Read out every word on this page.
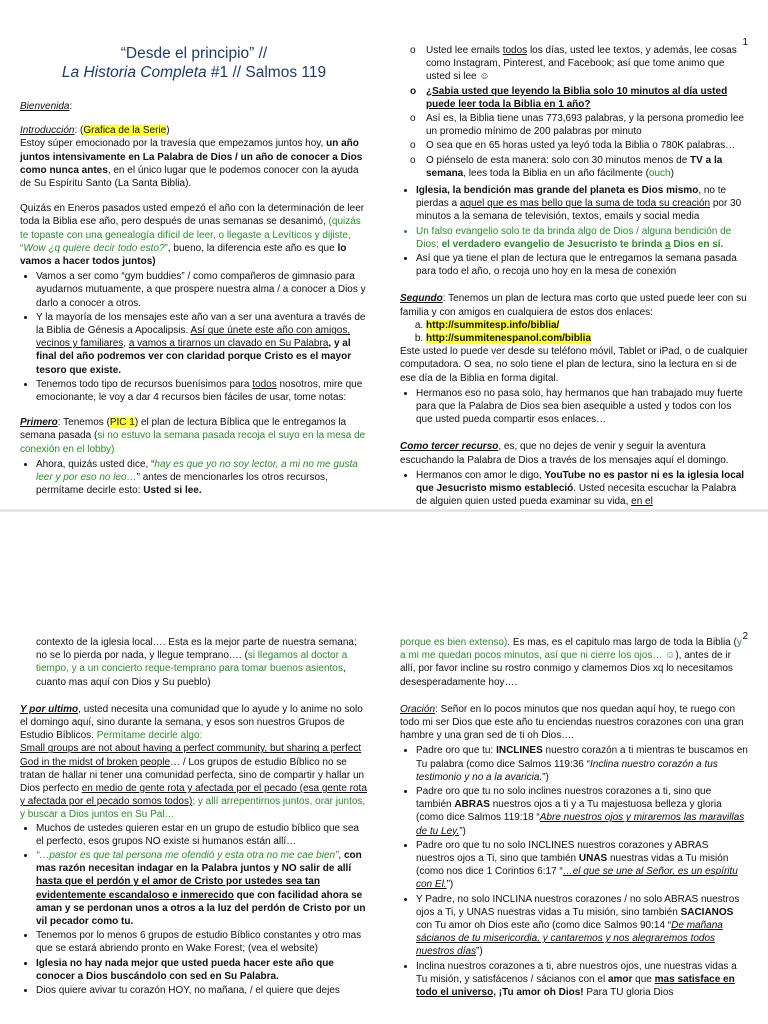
1
“Desde el principio” //
La Historia Completa #1 // Salmos 119

Bienvenida:

Introducción: (Grafica de la Serie)
Estoy súper emocionado por la travesía que empezamos juntos hoy, un año juntos intensivamente en La Palabra de Dios / un año de conocer a Dios como nunca antes, en el único lugar que le podemos conocer con la ayuda de Su Espíritu Santo (La Santa Biblia).

Quizás en Eneros pasados usted empezó el año con la determinación de leer toda la Biblia ese año, pero después de unas semanas se desanimó, (quizás te topaste con una genealogía difícil de leer, o llegaste a Levíticos y dijiste, “Wow ¿q quiere decir todo esto?”, bueno, la diferencia este año es que lo vamos a hacer todos juntos)

• Vamos a ser como “gym buddies” / como compañeros de gimnasio para ayudarnos mutuamente, a que prospere nuestra alma / a conocer a Dios y darlo a conocer a otros.
• Y la mayoría de los mensajes este año van a ser una aventura a través de la Biblia de Génesis a Apocalipsis. Así que únete este año con amigos, vecinos y familiares, a vamos a tirarnos un clavado en Su Palabra, y al final del año podremos ver con claridad porque Cristo es el mayor tesoro que existe.
• Tenemos todo tipo de recursos buenísimos para todos nosotros, mire que emocionante, le voy a dar 4 recursos bien fáciles de usar, tome notas:

Primero: Tenemos (PIC 1) el plan de lectura Bíblica que le entregamos la semana pasada (si no estuvo la semana pasada recoja el suyo en la mesa de conexión en el lobby)

• Ahora, quizás usted dice, “hay es que yo no soy lector, a mi no me gusta leer y por eso no leo…” antes de mencionarles los otros recursos, permítame decirle esto: Usted si lee.
o Usted lee emails todos los días, usted lee textos, y además, lee cosas como Instagram, Pinterest, and Facebook; así que tome animo que usted si lee ☺
o ¿Sabia usted que leyendo la Biblia solo 10 minutos al día usted puede leer toda la Biblia en 1 año?
o Así es, la Biblia tiene unas 773,693 palabras, y la persona promedio lee un promedio mínimo de 200 palabras por minuto
o O sea que en 65 horas usted ya leyó toda la Biblia o 780K palabras…
o O piénselo de esta manera: solo con 30 minutos menos de TV a la semana, lees toda la Biblia en un año fácilmente (ouch)
• Iglesia, la bendición mas grande del planeta es Dios mismo, no te pierdas a aquel que es mas bello que la suma de toda su creación por 30 minutos a la semana de televisión, textos, emails y social media
• Un falso evangelio solo te da brinda algo de Dios / alguna bendición de Dios; el verdadero evangelio de Jesucristo te brinda a Dios en sí.
• Así que ya tiene el plan de lectura que le entregamos la semana pasada para todo el año, o recoja uno hoy en la mesa de conexión

Segundo: Tenemos un plan de lectura mas corto que usted puede leer con su familia y con amigos en cualquiera de estos dos enlaces:

a. http://summitesp.info/biblia/
b. http://summitenespanol.com/biblia

Este usted lo puede ver desde su teléfono móvil, Tablet or iPad, o de cualquier computadora. O sea, no solo tiene el plan de lectura, sino la lectura en si de ese día de la Biblia en forma digital.

• Hermanos eso no pasa solo, hay hermanos que han trabajado muy fuerte para que la Palabra de Dios sea bien asequible a usted y todos con los que usted pueda compartir esos enlaces…

Como tercer recurso, es, que no dejes de venir y seguir la aventura escuchando la Palabra de Dios a través de los mensajes aquí el domingo.

• Hermanos con amor le digo, YouTube no es pastor ni es la iglesia local que Jesucristo mismo estableció. Usted necesita escuchar la Palabra de alguien quien usted pueda examinar su vida, en el
2

contexto de la iglesia local…. Esta es la mejor parte de nuestra semana; no se lo pierda por nada, y llegue temprano…. (si llegamos al doctor a tiempo, y a un concierto reque-temprano para tomar buenos asientos, cuanto mas aquí con Dios y Su pueblo)

Y por ultimo, usted necesita una comunidad que lo ayude y lo anime no solo el domingo aquí, sino durante la semana, y esos son nuestros Grupos de Estudio Bíblicos. Permítame decirle algo:
Small groups are not about having a perfect community, but sharing a perfect God in the midst of broken people… / Los grupos de estudio Bíblico no se tratan de hallar ni tener una comunidad perfecta, sino de compartir y hallar un Dios perfecto en medio de gente rota y afectada por el pecado (esa gente rota y afectada por el pecado somos todos); y allí arrepentirnos juntos, orar juntos, y buscar a Dios juntos en Su Pal…

• Muchos de ustedes quieren estar en un grupo de estudio bíblico que sea el perfecto, esos grupos NO existe si humanos están allí…
• “…pastor es que tal persona me ofendió y esta otra no me cae bien”, con mas razón necesitan indagar en la Palabra juntos y NO salir de allí hasta que el perdón y el amor de Cristo por ustedes sea tan evidentemente escandaloso e inmerecido que con facilidad ahora se aman y se perdonan unos a otros a la luz del perdón de Cristo por un vil pecador como tu.
• Tenemos por lo menos 6 grupos de estudio Bíblico constantes y otro mas que se estará abriendo pronto en Wake Forest; (vea el website)
• Iglesia no hay nada mejor que usted pueda hacer este año que conocer a Dios buscándolo con sed en Su Palabra.
• Dios quiere avivar tu corazón HOY, no mañana, / el quiere que dejes

porque es bien extenso). Es mas, es el capitulo mas largo de toda la Biblia (y a mi me quedan pocos minutos, así que ni cierre los ojos… ☺), antes de ir allí, por favor incline su rostro conmigo y clamemos Dios xq lo necesitamos desesperadamente hoy….

Oración: Señor en lo pocos minutos que nos quedan aquí hoy, te ruego con todo mi ser Dios que este año tu enciendas nuestros corazones con una gran hambre y una gran sed de ti oh Dios….

• Padre oro que tu: INCLINES nuestro corazón a ti mientras te buscamos en Tu palabra (como dice Salmos 119:36 “Inclina nuestro corazón a tus testimonio y no a la avaricia.”)
• Padre oro que tu no solo inclines nuestros corazones a ti, sino que también ABRAS nuestros ojos a ti y a Tu majestuosa belleza y gloria (como dice Salmos 119:18 “Abre nuestros ojos y miraremos las maravillas de tu Ley.”)
• Padre oro que tu no solo INCLINES nuestros corazones y ABRAS nuestros ojos a Ti, sino que también UNAS nuestras vidas a Tu misión (como nos dice 1 Corintios 6:17 “…el que se une al Señor, es un espíritu con El.”)
• Y Padre, no solo INCLINA nuestros corazones / no solo ABRAS nuestros ojos a Ti, y UNAS nuestras vidas a Tu misión, sino también SACIANOS con Tu amor oh Dios este año (como dice Salmos 90:14 “De mañana sácianos de tu misericordia, y cantaremos y nos alegraremos todos nuestros días”)
• Inclina nuestros corazones a ti, abre nuestros ojos, une nuestras vidas a Tu misión, y satisfácenos / sácianos con el amor que mas satisface en todo el universo, ¡Tu amor oh Dios! Para TU gloria Dios
